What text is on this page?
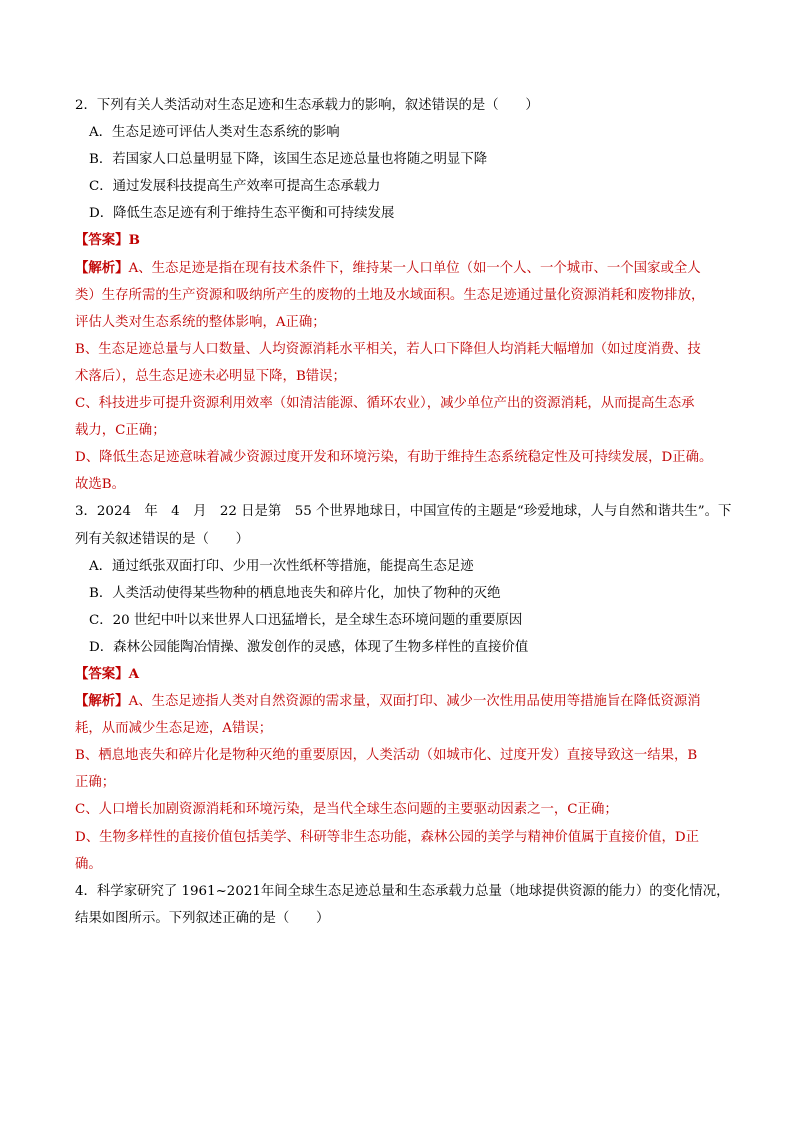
2．下列有关人类活动对生态足迹和生态承载力的影响，叙述错误的是（　　）
A．生态足迹可评估人类对生态系统的影响
B．若国家人口总量明显下降，该国生态足迹总量也将随之明显下降
C．通过发展科技提高生产效率可提高生态承载力
D．降低生态足迹有利于维持生态平衡和可持续发展
【答案】B
【解析】A、生态足迹是指在现有技术条件下，维持某一人口单位（如一个人、一个城市、一个国家或全人
类）生存所需的生产资源和吸纳所产生的废物的土地及水域面积。生态足迹通过量化资源消耗和废物排放，
评估人类对生态系统的整体影响，A正确；
B、生态足迹总量与人口数量、人均资源消耗水平相关，若人口下降但人均消耗大幅增加（如过度消费、技
术落后），总生态足迹未必明显下降，B错误；
C、科技进步可提升资源利用效率（如清洁能源、循环农业），减少单位产出的资源消耗，从而提高生态承
载力，C正确；
D、降低生态足迹意味着减少资源过度开发和环境污染，有助于维持生态系统稳定性及可持续发展，D正确。
故选B。
3．2024　年　4　月　22 日是第　55 个世界地球日，中国宣传的主题是“珍爱地球，人与自然和谐共生”。下
列有关叙述错误的是（　　）
A．通过纸张双面打印、少用一次性纸杯等措施，能提高生态足迹
B．人类活动使得某些物种的栖息地丧失和碎片化，加快了物种的灭绝
C．20 世纪中叶以来世界人口迅猛增长，是全球生态环境问题的重要原因
D．森林公园能陶冶情操、激发创作的灵感，体现了生物多样性的直接价值
【答案】A
【解析】A、生态足迹指人类对自然资源的需求量，双面打印、减少一次性用品使用等措施旨在降低资源消
耗，从而减少生态足迹，A错误；
B、栖息地丧失和碎片化是物种灭绝的重要原因，人类活动（如城市化、过度开发）直接导致这一结果，B
正确；
C、人口增长加剧资源消耗和环境污染，是当代全球生态问题的主要驱动因素之一，C正确；
D、生物多样性的直接价值包括美学、科研等非生态功能，森林公园的美学与精神价值属于直接价值，D正
确。
4．科学家研究了 1961~2021年间全球生态足迹总量和生态承载力总量（地球提供资源的能力）的变化情况，
结果如图所示。下列叙述正确的是（　　）
